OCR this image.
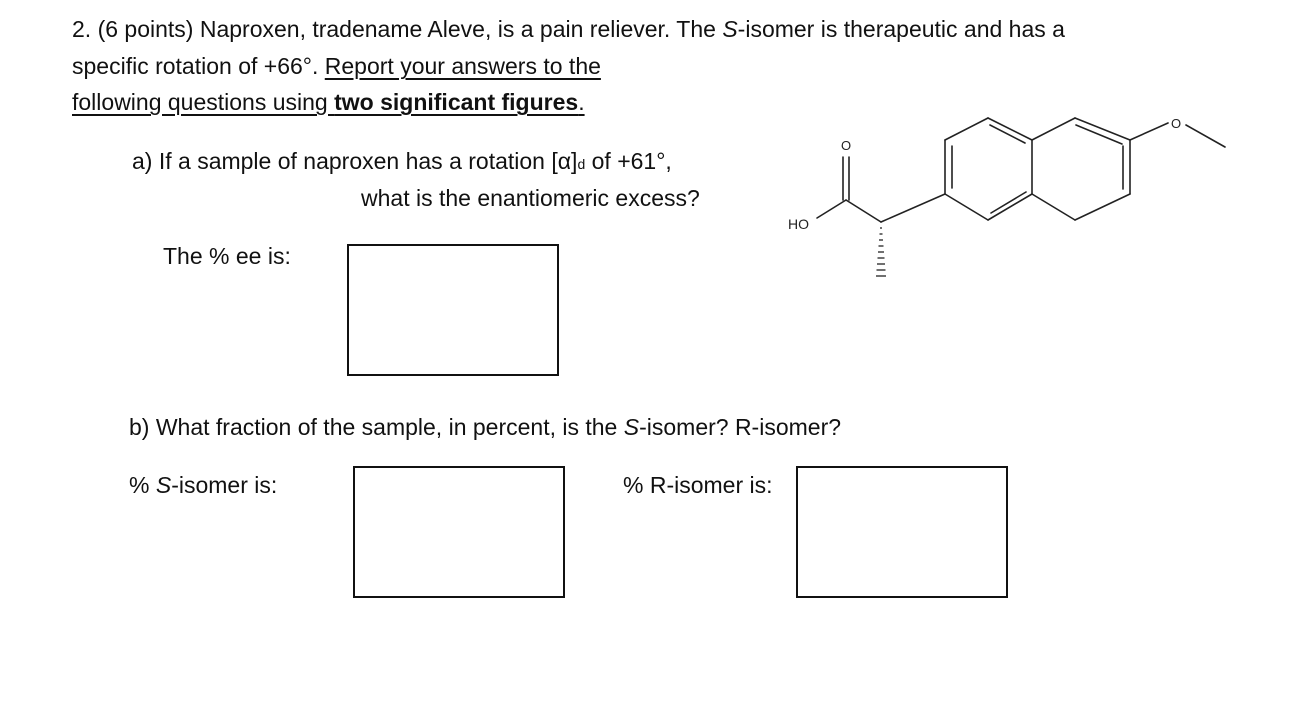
2. (6 points) Naproxen, tradename Aleve, is a pain reliever. The S-isomer is therapeutic and has a
specific rotation of +66°. Report your answers to the
following questions using two significant figures.
a) If a sample of naproxen has a rotation [α]d of +61°,
what is the enantiomeric excess?
The % ee is:
O
HO
O
b) What fraction of the sample, in percent, is the S-isomer? R-isomer?
% S-isomer is:	% R-isomer is:
